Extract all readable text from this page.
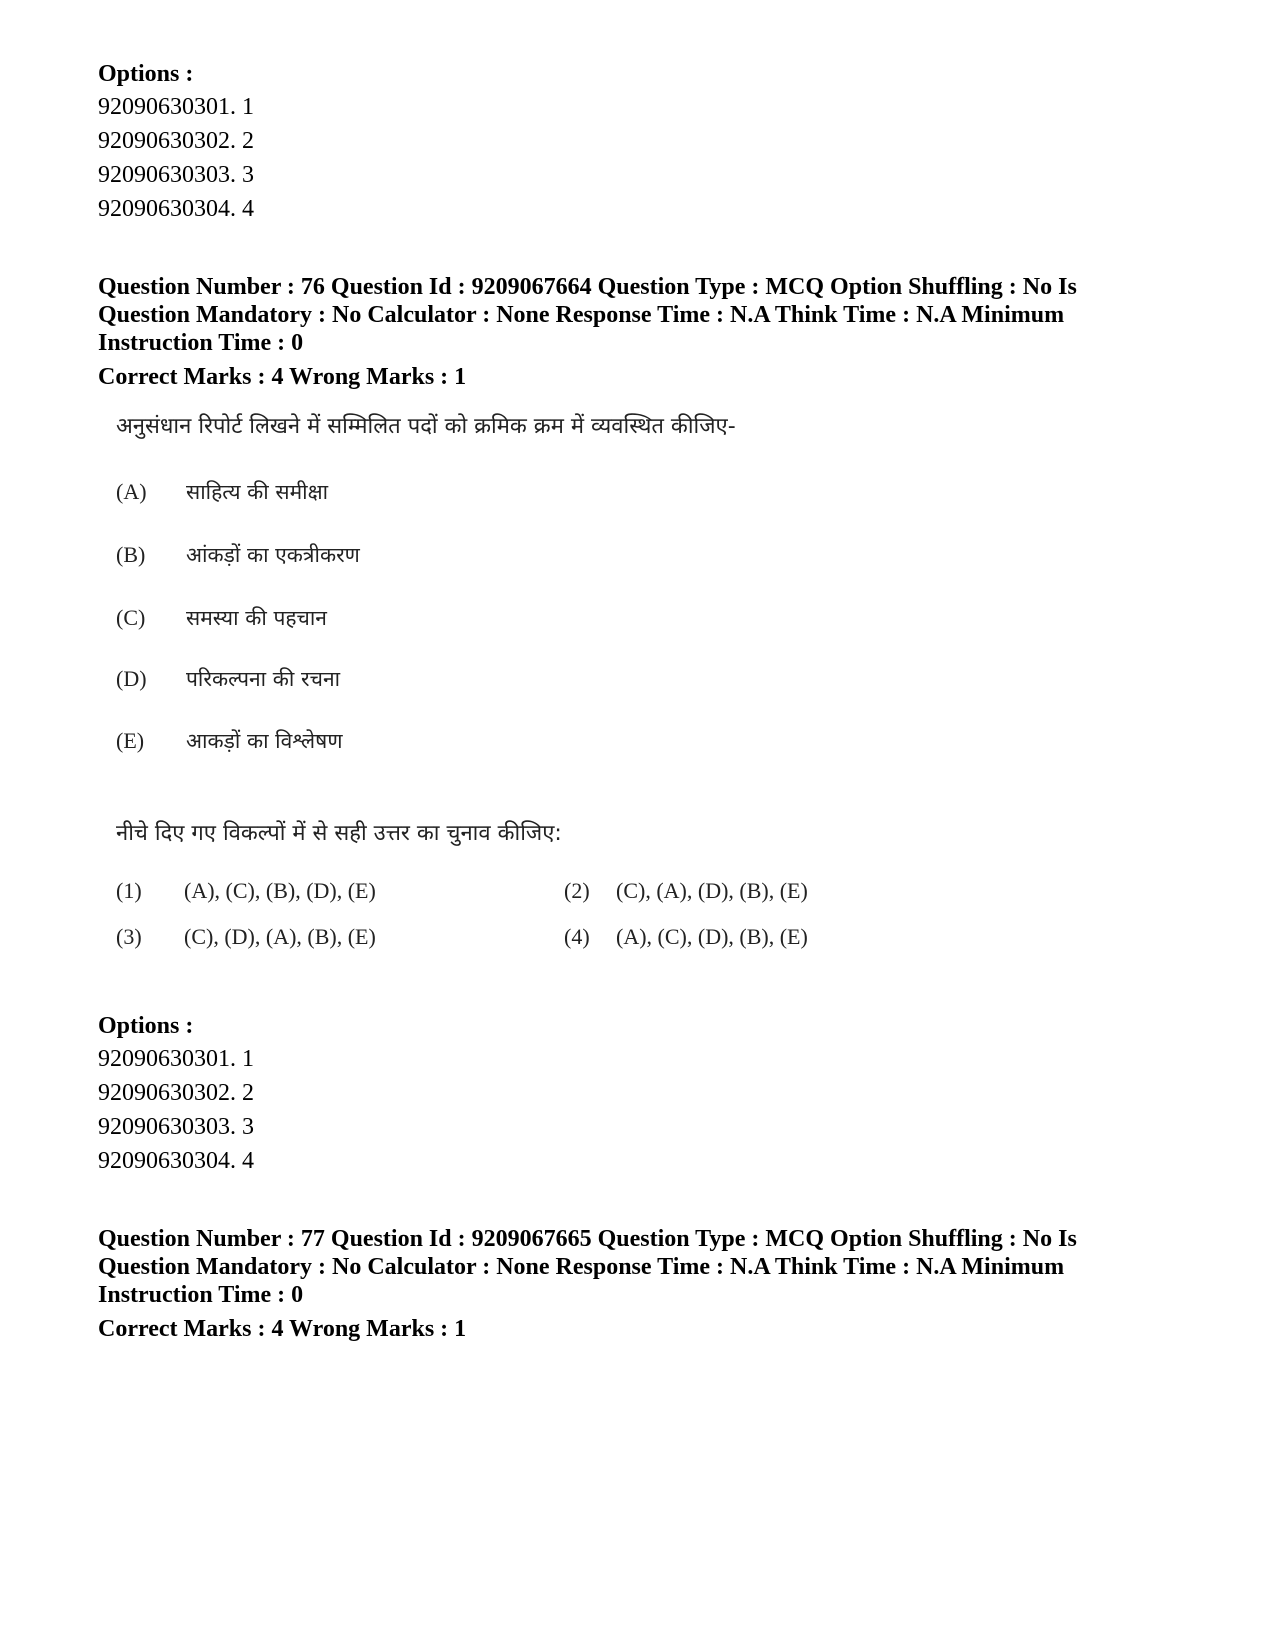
Options :
92090630301. 1
92090630302. 2
92090630303. 3
92090630304. 4
Question Number : 76 Question Id : 9209067664 Question Type : MCQ Option Shuffling : No Is
Question Mandatory : No Calculator : None Response Time : N.A Think Time : N.A Minimum
Instruction Time : 0
Correct Marks : 4 Wrong Marks : 1
अनुसंधान रिपोर्ट लिखने में सम्मिलित पदों को क्रमिक क्रम में व्यवस्थित कीजिए-
(A) साहित्य की समीक्षा
(B) आंकड़ों का एकत्रीकरण
(C) समस्या की पहचान
(D) परिकल्पना की रचना
(E) आकड़ों का विश्लेषण
नीचे दिए गए विकल्पों में से सही उत्तर का चुनाव कीजिए:
(1) (A), (C), (B), (D), (E)	(2) (C), (A), (D), (B), (E)
(3) (C), (D), (A), (B), (E)	(4) (A), (C), (D), (B), (E)
Options :
92090630301. 1
92090630302. 2
92090630303. 3
92090630304. 4
Question Number : 77 Question Id : 9209067665 Question Type : MCQ Option Shuffling : No Is
Question Mandatory : No Calculator : None Response Time : N.A Think Time : N.A Minimum
Instruction Time : 0
Correct Marks : 4 Wrong Marks : 1
